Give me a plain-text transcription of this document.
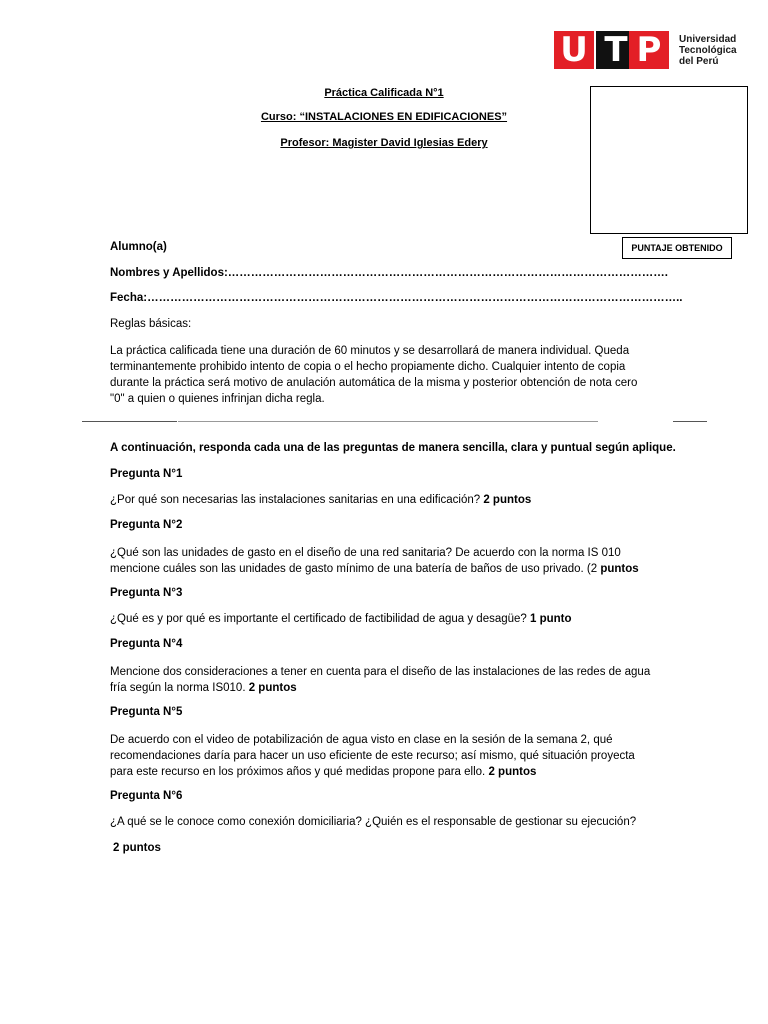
U T P	Universidad
Tecnológica
del Perú
Práctica Calificada N°1
Curso: “INSTALACIONES EN EDIFICACIONES”
Profesor: Magister David Iglesias Edery
PUNTAJE OBTENIDO
Alumno(a)
Nombres y Apellidos:…………………………………………………………………………………………………….
Fecha:…………………………………………………………………………………………………………………………..
Reglas básicas:
La práctica calificada tiene una duración de 60 minutos y se desarrollará de manera individual. Queda
terminantemente prohibido intento de copia o el hecho propiamente dicho. Cualquier intento de copia
durante la práctica será motivo de anulación automática de la misma y posterior obtención de nota cero
"0" a quien o quienes infrinjan dicha regla.
A continuación, responda cada una de las preguntas de manera sencilla, clara y puntual según aplique.
Pregunta N°1
¿Por qué son necesarias las instalaciones sanitarias en una edificación? 2 puntos
Pregunta N°2
¿Qué son las unidades de gasto en el diseño de una red sanitaria? De acuerdo con la norma IS 010
mencione cuáles son las unidades de gasto mínimo de una batería de baños de uso privado. (2 puntos
Pregunta N°3
¿Qué es y por qué es importante el certificado de factibilidad de agua y desagüe? 1 punto
Pregunta N°4
Mencione dos consideraciones a tener en cuenta para el diseño de las instalaciones de las redes de agua
fría según la norma IS010. 2 puntos
Pregunta N°5
De acuerdo con el video de potabilización de agua visto en clase en la sesión de la semana 2, qué
recomendaciones daría para hacer un uso eficiente de este recurso; así mismo, qué situación proyecta
para este recurso en los próximos años y qué medidas propone para ello. 2 puntos
Pregunta N°6
¿A qué se le conoce como conexión domiciliaria? ¿Quién es el responsable de gestionar su ejecución?
2 puntos
